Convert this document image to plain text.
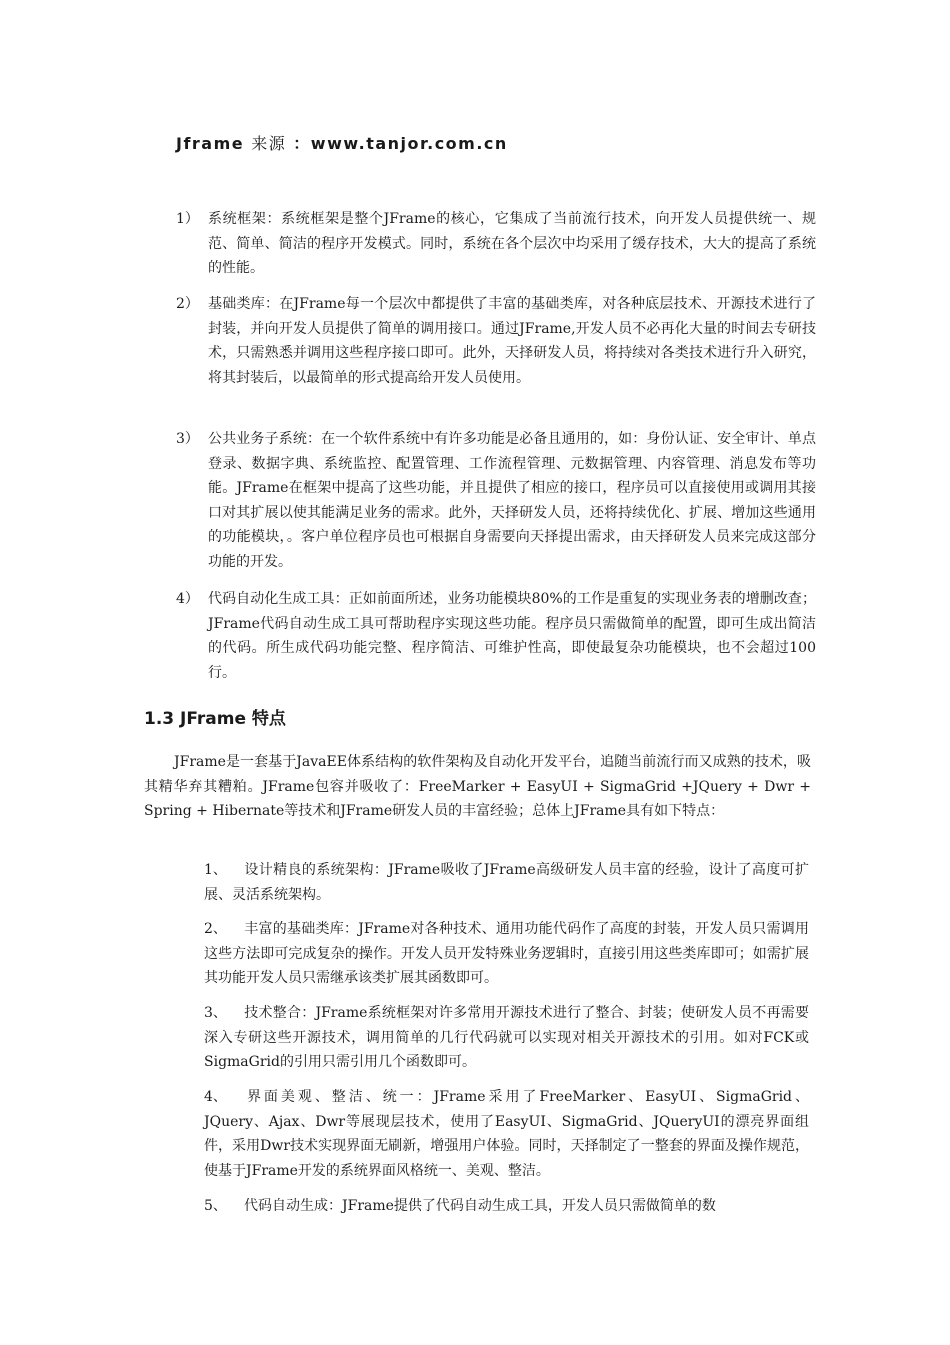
Jframe 来源 ：www.tanjor.com.cn
1） 系统框架：系统框架是整个JFrame的核心，它集成了当前流行技术，向开发人员提供统一、规范、简单、简洁的程序开发模式。同时，系统在各个层次中均采用了缓存技术，大大的提高了系统的性能。
2） 基础类库：在JFrame每一个层次中都提供了丰富的基础类库，对各种底层技术、开源技术进行了封装，并向开发人员提供了简单的调用接口。通过JFrame,开发人员不必再化大量的时间去专研技术，只需熟悉并调用这些程序接口即可。此外，天择研发人员，将持续对各类技术进行升入研究，将其封装后，以最简单的形式提高给开发人员使用。
3） 公共业务子系统：在一个软件系统中有许多功能是必备且通用的，如：身份认证、安全审计、单点登录、数据字典、系统监控、配置管理、工作流程管理、元数据管理、内容管理、消息发布等功能。JFrame在框架中提高了这些功能，并且提供了相应的接口，程序员可以直接使用或调用其接口对其扩展以使其能满足业务的需求。此外，天择研发人员，还将持续优化、扩展、增加这些通用的功能模块，。客户单位程序员也可根据自身需要向天择提出需求，由天择研发人员来完成这部分功能的开发。
4） 代码自动化生成工具：正如前面所述，业务功能模块80%的工作是重复的实现业务表的增删改查；JFrame代码自动生成工具可帮助程序实现这些功能。程序员只需做简单的配置，即可生成出简洁的代码。所生成代码功能完整、程序简洁、可维护性高，即使最复杂功能模块，也不会超过100行。
1.3 JFrame 特点
JFrame是一套基于JavaEE体系结构的软件架构及自动化开发平台，追随当前流行而又成熟的技术，吸其精华弃其糟粕。JFrame包容并吸收了：FreeMarker + EasyUI + SigmaGrid +JQuery + Dwr + Spring + Hibernate等技术和JFrame研发人员的丰富经验；总体上JFrame具有如下特点：
1、 设计精良的系统架构：JFrame吸收了JFrame高级研发人员丰富的经验，设计了高度可扩展、灵活系统架构。
2、 丰富的基础类库：JFrame对各种技术、通用功能代码作了高度的封装，开发人员只需调用这些方法即可完成复杂的操作。开发人员开发特殊业务逻辑时，直接引用这些类库即可；如需扩展其功能开发人员只需继承该类扩展其函数即可。
3、 技术整合：JFrame系统框架对许多常用开源技术进行了整合、封装；使研发人员不再需要深入专研这些开源技术，调用简单的几行代码就可以实现对相关开源技术的引用。如对FCK或SigmaGrid的引用只需引用几个函数即可。
4、 界面美观、整洁、统一：JFrame采用了FreeMarker、EasyUI、SigmaGrid、JQuery、Ajax、Dwr等展现层技术，使用了EasyUI、SigmaGrid、JQueryUI的漂亮界面组件，采用Dwr技术实现界面无刷新，增强用户体验。同时，天择制定了一整套的界面及操作规范，使基于JFrame开发的系统界面风格统一、美观、整洁。
5、 代码自动生成：JFrame提供了代码自动生成工具，开发人员只需做简单的数
